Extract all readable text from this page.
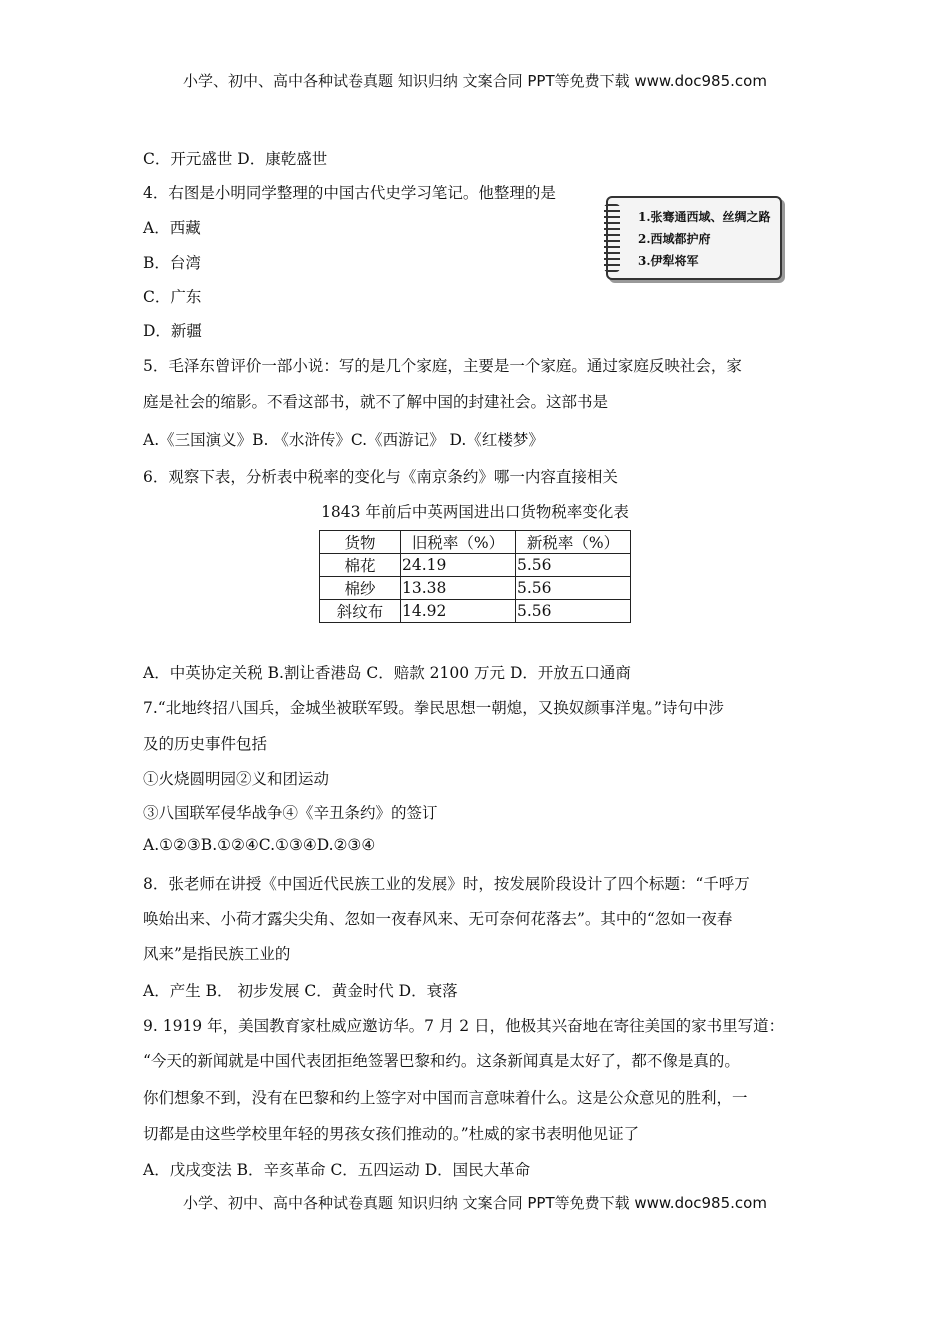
小学、初中、高中各种试卷真题 知识归纳 文案合同 PPT等免费下载 www.doc985.com
C．开元盛世 D．康乾盛世
4．右图是小明同学整理的中国古代史学习笔记。他整理的是
A．西藏
B．台湾
C．广东
D．新疆
5．毛泽东曾评价一部小说：写的是几个家庭，主要是一个家庭。通过家庭反映社会，家
庭是社会的缩影。不看这部书，就不了解中国的封建社会。这部书是
A.《三国演义》B. 《水浒传》C.《西游记》 D.《红楼梦》
6．观察下表，分析表中税率的变化与《南京条约》哪一内容直接相关
A．中英协定关税 B.割让香港岛 C．赔款 2100 万元 D．开放五口通商
7.“北地终招八国兵，金城坐被联军毁。拳民思想一朝熄，又换奴颜事洋鬼。”诗句中涉
及的历史事件包括
①火烧圆明园②义和团运动
③八国联军侵华战争④《辛丑条约》的签订
A.①②③B.①②④C.①③④D.②③④
8．张老师在讲授《中国近代民族工业的发展》时，按发展阶段设计了四个标题：“千呼万
唤始出来、小荷才露尖尖角、忽如一夜春风来、无可奈何花落去”。其中的“忽如一夜春
风来”是指民族工业的
A．产生 B． 初步发展 C．黄金时代 D．衰落
9. 1919 年，美国教育家杜威应邀访华。7 月 2 日，他极其兴奋地在寄往美国的家书里写道：
“今天的新闻就是中国代表团拒绝签署巴黎和约。这条新闻真是太好了，都不像是真的。
你们想象不到，没有在巴黎和约上签字对中国而言意味着什么。这是公众意见的胜利，一
切都是由这些学校里年轻的男孩女孩们推动的。”杜威的家书表明他见证了
A．戊戌变法 B．辛亥革命 C．五四运动 D．国民大革命
1.张骞通西域、丝绸之路
2.西域都护府
3.伊犁将军
1843 年前后中英两国进出口货物税率变化表
货物	旧税率（%）	新税率（%）
棉花	24.19	5.56
棉纱	13.38	5.56
斜纹布	14.92	5.56
小学、初中、高中各种试卷真题 知识归纳 文案合同 PPT等免费下载 www.doc985.com
